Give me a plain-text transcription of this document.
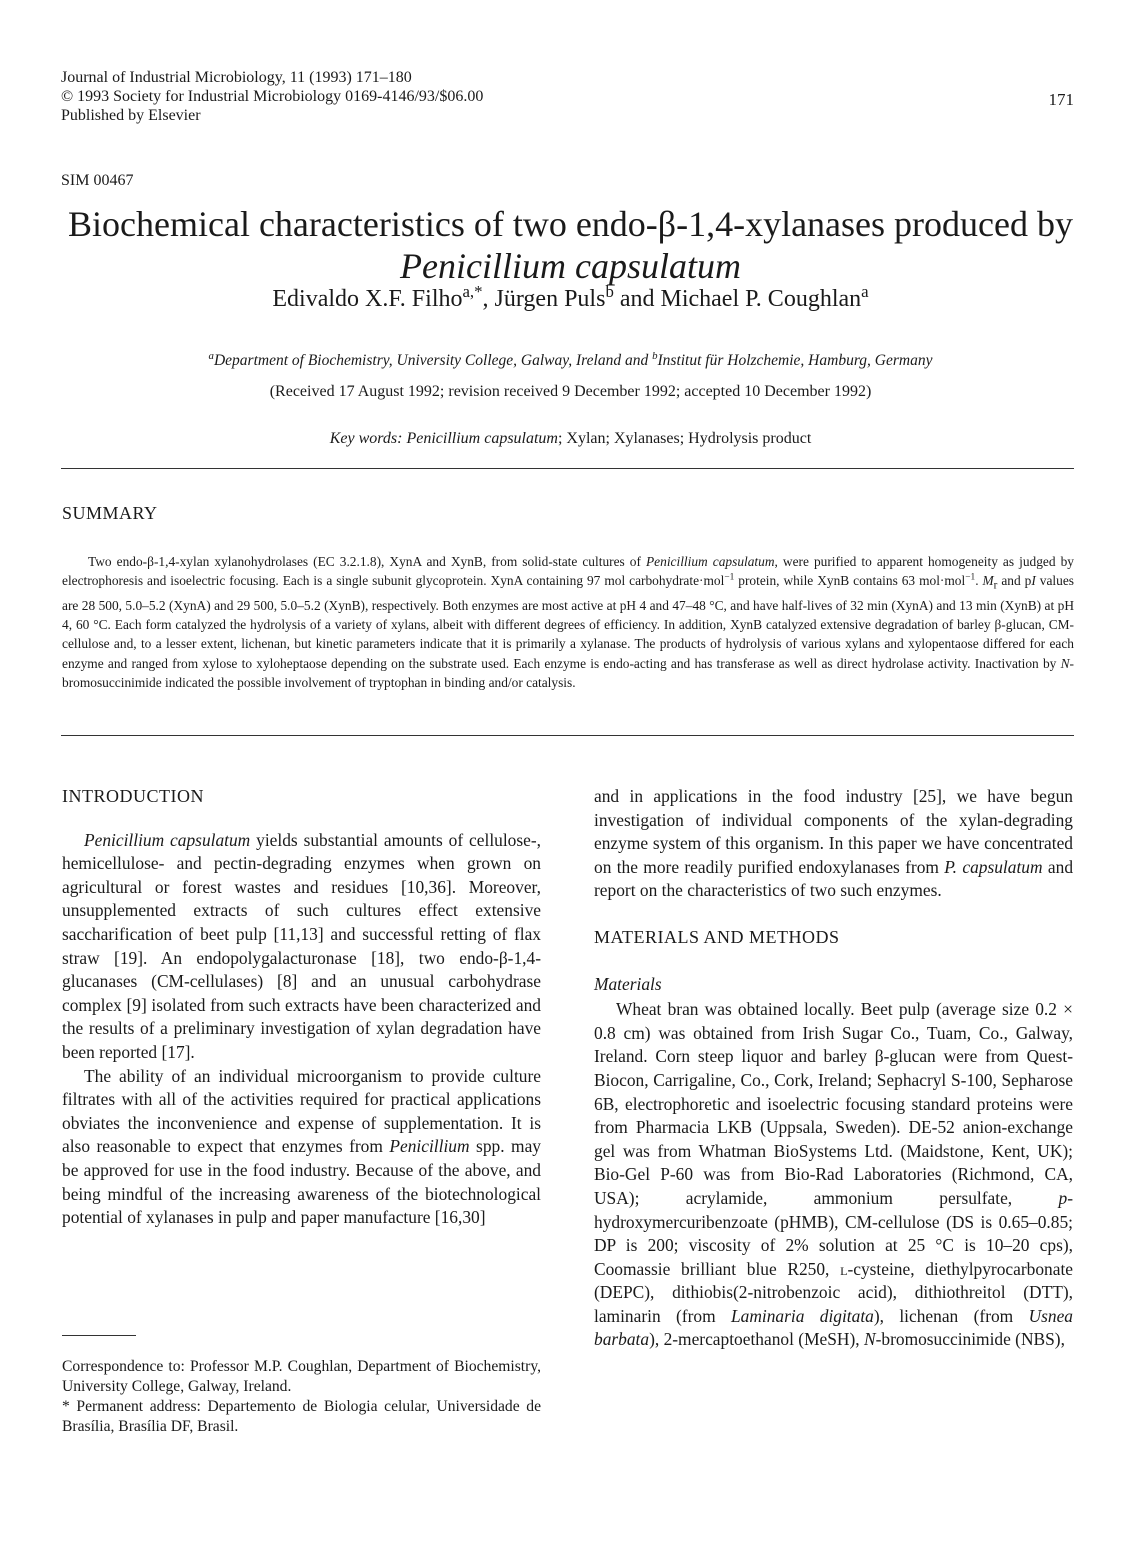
Journal of Industrial Microbiology, 11 (1993) 171–180
© 1993 Society for Industrial Microbiology 0169-4146/93/$06.00
Published by Elsevier
171
SIM 00467
Biochemical characteristics of two endo-β-1,4-xylanases produced by
Penicillium capsulatum
Edivaldo X.F. Filho$^{a,*}$, Jürgen Puls$^b$ and Michael P. Coughlan$^a$
$^a$Department of Biochemistry, University College, Galway, Ireland and $^b$Institut für Holzchemie, Hamburg, Germany
(Received 17 August 1992; revision received 9 December 1992; accepted 10 December 1992)
Key words: Penicillium capsulatum; Xylan; Xylanases; Hydrolysis product
SUMMARY

Two endo-β-1,4-xylan xylanohydrolases (EC 3.2.1.8), XynA and XynB, from solid-state cultures of Penicillium capsulatum, were purified to apparent homogeneity as judged by electrophoresis and isoelectric focusing. Each is a single subunit glycoprotein. XynA containing 97 mol carbohydrate·mol$^{-1}$ protein, while XynB contains 63 mol·mol$^{-1}$. $M_r$ and pI values are 28 500, 5.0–5.2 (XynA) and 29 500, 5.0–5.2 (XynB), respectively. Both enzymes are most active at pH 4 and 47–48 °C, and have half-lives of 32 min (XynA) and 13 min (XynB) at pH 4, 60 °C. Each form catalyzed the hydrolysis of a variety of xylans, albeit with different degrees of efficiency. In addition, XynB catalyzed extensive degradation of barley β-glucan, CM-cellulose and, to a lesser extent, lichenan, but kinetic parameters indicate that it is primarily a xylanase. The products of hydrolysis of various xylans and xylopentaose differed for each enzyme and ranged from xylose to xyloheptaose depending on the substrate used. Each enzyme is endo-acting and has transferase as well as direct hydrolase activity. Inactivation by N-bromosuccinimide indicated the possible involvement of tryptophan in binding and/or catalysis.

INTRODUCTION

Penicillium capsulatum yields substantial amounts of cellulose-, hemicellulose- and pectin-degrading enzymes when grown on agricultural or forest wastes and residues [10,36]. Moreover, unsupplemented extracts of such cultures effect extensive saccharification of beet pulp [11,13] and successful retting of flax straw [19]. An endopolygalacturonase [18], two endo-β-1,4-glucanases (CM-cellulases) [8] and an unusual carbohydrase complex [9] isolated from such extracts have been characterized and the results of a preliminary investigation of xylan degradation have been reported [17].

The ability of an individual microorganism to provide culture filtrates with all of the activities required for practical applications obviates the inconvenience and expense of supplementation. It is also reasonable to expect that enzymes from Penicillium spp. may be approved for use in the food industry. Because of the above, and being mindful of the increasing awareness of the biotechnological potential of xylanases in pulp and paper manufacture [16,30]

Correspondence to: Professor M.P. Coughlan, Department of Biochemistry, University College, Galway, Ireland.

* Permanent address: Departemento de Biologia celular, Universidade de Brasília, Brasília DF, Brasil.

and in applications in the food industry [25], we have begun investigation of individual components of the xylan-degrading enzyme system of this organism. In this paper we have concentrated on the more readily purified endoxylanases from P. capsulatum and report on the characteristics of two such enzymes.

MATERIALS AND METHODS
Materials

Wheat bran was obtained locally. Beet pulp (average size 0.2 × 0.8 cm) was obtained from Irish Sugar Co., Tuam, Co., Galway, Ireland. Corn steep liquor and barley β-glucan were from Quest-Biocon, Carrigaline, Co., Cork, Ireland; Sephacryl S-100, Sepharose 6B, electrophoretic and isoelectric focusing standard proteins were from Pharmacia LKB (Uppsala, Sweden). DE-52 anion-exchange gel was from Whatman BioSystems Ltd. (Maidstone, Kent, UK); Bio-Gel P-60 was from Bio-Rad Laboratories (Richmond, CA, USA); acrylamide, ammonium persulfate, p-hydroxymercuribenzoate (pHMB), CM-cellulose (DS is 0.65–0.85; DP is 200; viscosity of 2% solution at 25 °C is 10–20 cps), Coomassie brilliant blue R250, l-cysteine, diethylpyrocarbonate (DEPC), dithiobis(2-nitrobenzoic acid), dithiothreitol (DTT), laminarin (from Laminaria digitata), lichenan (from Usnea barbata), 2-mercaptoethanol (MeSH), N-bromosuccinimide (NBS),
